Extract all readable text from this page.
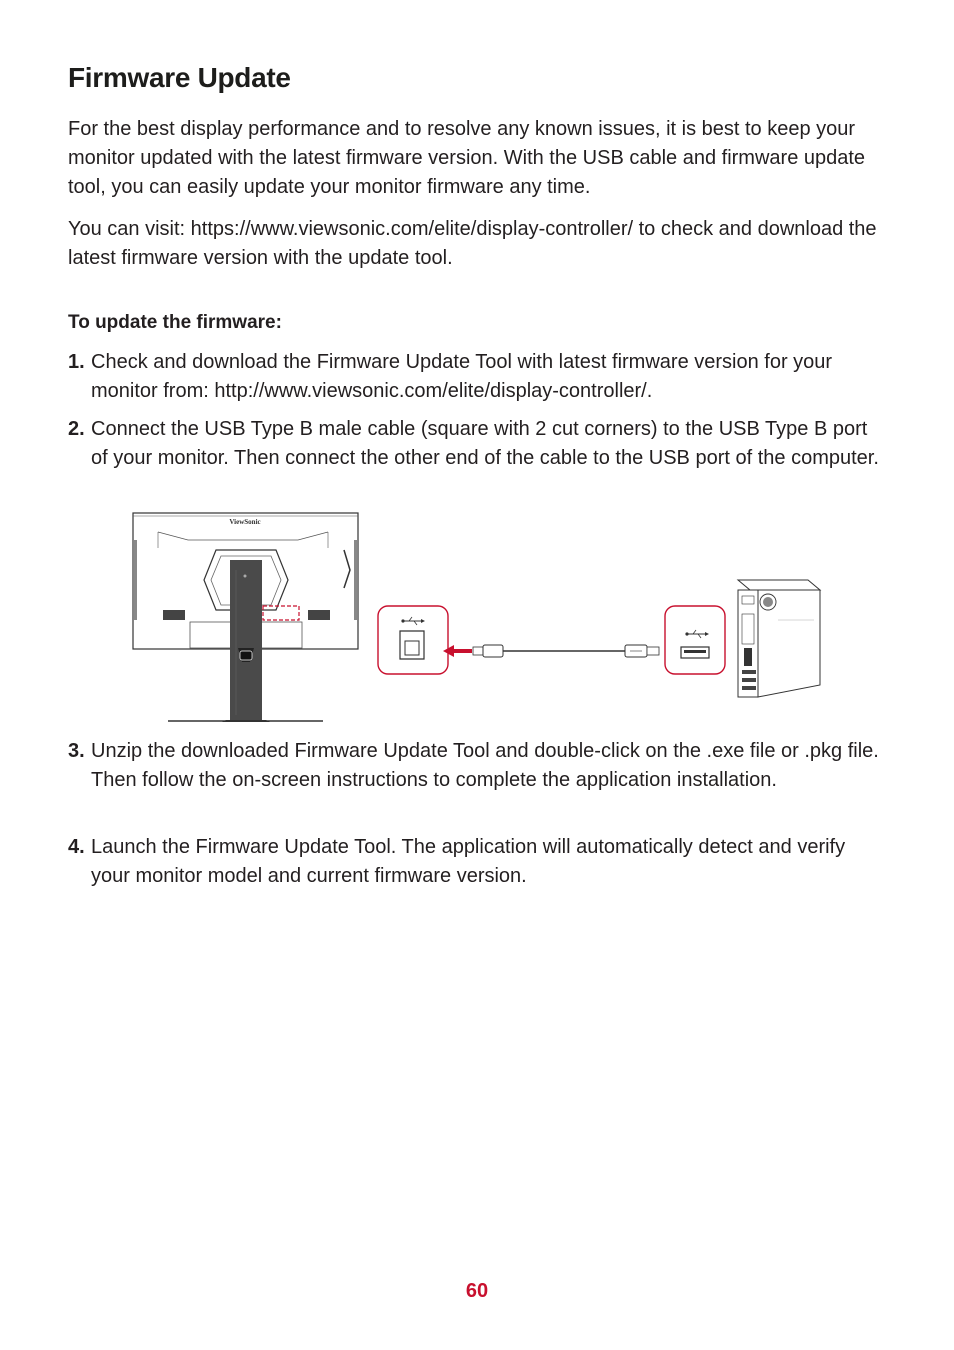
Firmware Update

For the best display performance and to resolve any known issues, it is best to keep your monitor updated with the latest firmware version. With the USB cable and firmware update tool, you can easily update your monitor firmware any time.

You can visit: https://www.viewsonic.com/elite/display-controller/ to check and download the latest firmware version with the update tool.

To update the firmware:
1. Check and download the Firmware Update Tool with latest firmware version for your monitor from: http://www.viewsonic.com/elite/display-controller/.
2. Connect the USB Type B male cable (square with 2 cut corners) to the USB Type B port of your monitor. Then connect the other end of the cable to the USB port of the computer.
ViewSonic
3. Unzip the downloaded Firmware Update Tool and double-click on the .exe file or .pkg file. Then follow the on-screen instructions to complete the application installation.
4. Launch the Firmware Update Tool. The application will automatically detect and verify your monitor model and current firmware version.
60
